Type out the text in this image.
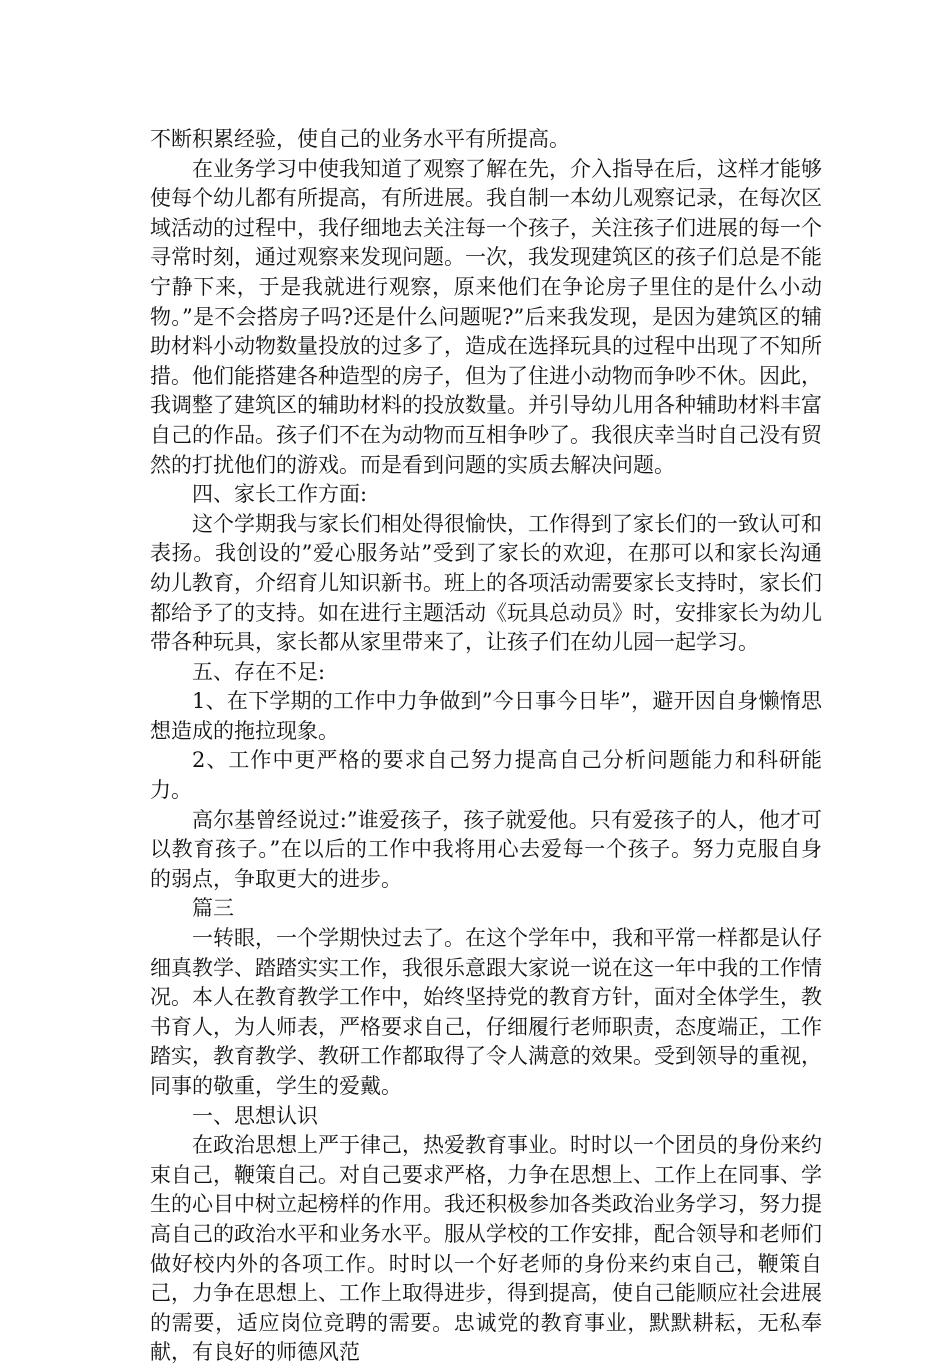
不断积累经验，使自己的业务水平有所提高。

在业务学习中使我知道了观察了解在先，介入指导在后，这样才能够使每个幼儿都有所提高，有所进展。我自制一本幼儿观察记录，在每次区域活动的过程中，我仔细地去关注每一个孩子，关注孩子们进展的每一个寻常时刻，通过观察来发现问题。一次，我发现建筑区的孩子们总是不能宁静下来，于是我就进行观察，原来他们在争论房子里住的是什么小动物。”是不会搭房子吗?还是什么问题呢?”后来我发现，是因为建筑区的辅助材料小动物数量投放的过多了，造成在选择玩具的过程中出现了不知所措。他们能搭建各种造型的房子，但为了住进小动物而争吵不休。因此，我调整了建筑区的辅助材料的投放数量。并引导幼儿用各种辅助材料丰富自己的作品。孩子们不在为动物而互相争吵了。我很庆幸当时自己没有贸然的打扰他们的游戏。而是看到问题的实质去解决问题。

四、家长工作方面:

这个学期我与家长们相处得很愉快，工作得到了家长们的一致认可和表扬。我创设的”爱心服务站”受到了家长的欢迎，在那可以和家长沟通幼儿教育，介绍育儿知识新书。班上的各项活动需要家长支持时，家长们都给予了的支持。如在进行主题活动《玩具总动员》时，安排家长为幼儿带各种玩具，家长都从家里带来了，让孩子们在幼儿园一起学习。

五、存在不足:

1、在下学期的工作中力争做到”今日事今日毕”，避开因自身懒惰思想造成的拖拉现象。

2、工作中更严格的要求自己努力提高自己分析问题能力和科研能力。

高尔基曾经说过:”谁爱孩子，孩子就爱他。只有爱孩子的人，他才可以教育孩子。”在以后的工作中我将用心去爱每一个孩子。努力克服自身的弱点，争取更大的进步。

篇三

一转眼，一个学期快过去了。在这个学年中，我和平常一样都是认仔细真教学、踏踏实实工作，我很乐意跟大家说一说在这一年中我的工作情况。本人在教育教学工作中，始终坚持党的教育方针，面对全体学生，教书育人，为人师表，严格要求自己，仔细履行老师职责，态度端正，工作踏实，教育教学、教研工作都取得了令人满意的效果。受到领导的重视，同事的敬重，学生的爱戴。

一、思想认识

在政治思想上严于律己，热爱教育事业。时时以一个团员的身份来约束自己，鞭策自己。对自己要求严格，力争在思想上、工作上在同事、学生的心目中树立起榜样的作用。我还积极参加各类政治业务学习，努力提高自己的政治水平和业务水平。服从学校的工作安排，配合领导和老师们做好校内外的各项工作。时时以一个好老师的身份来约束自己，鞭策自己，力争在思想上、工作上取得进步，得到提高，使自己能顺应社会进展的需要，适应岗位竞聘的需要。忠诚党的教育事业，默默耕耘，无私奉献，有良好的师德风范
